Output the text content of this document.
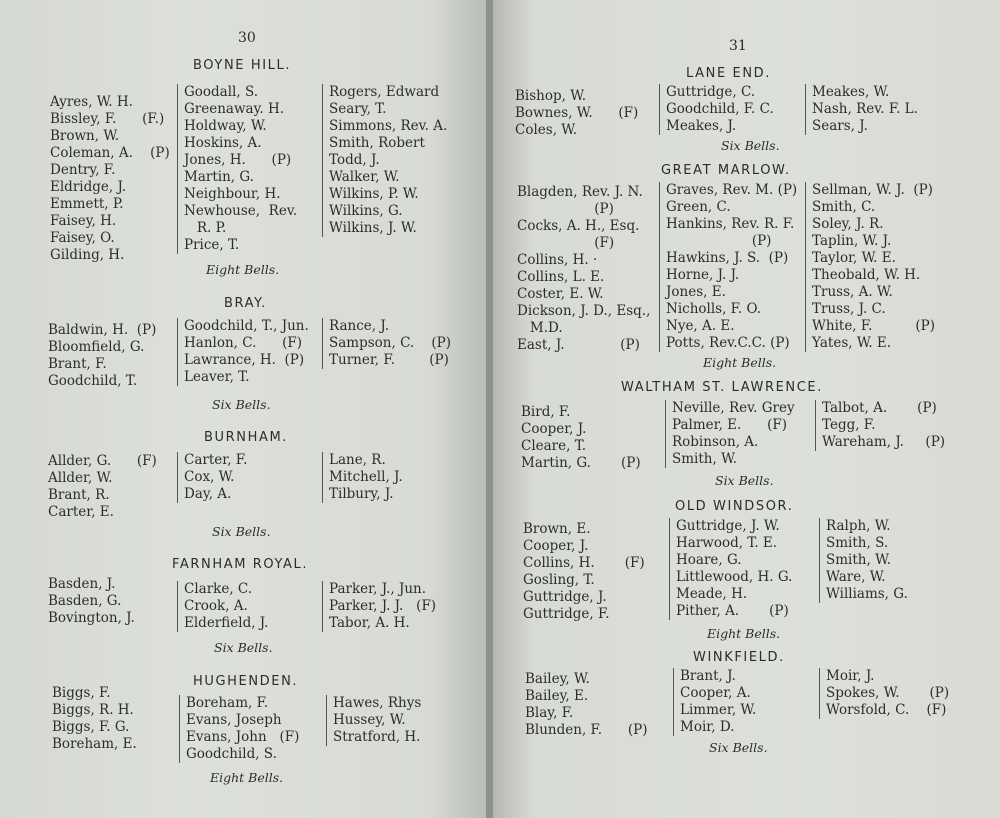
30
BOYNE HILL.
Ayres, W. H.
Bissley, F.      (F.)
Brown, W.
Coleman, A.    (P)
Dentry, F.
Eldridge, J.
Emmett, P.
Faisey, H.
Faisey, O.
Gilding, H.
Goodall, S.
Greenaway. H.
Holdway, W.
Hoskins, A.
Jones, H.      (P)
Martin, G.
Neighbour, H.
Newhouse,  Rev.
R. P.
Price, T.
Rogers, Edward
Seary, T.
Simmons, Rev. A.
Smith, Robert
Todd, J.
Walker, W.
Wilkins, P. W.
Wilkins, G.
Wilkins, J. W.
Eight Bells.
BRAY.
Baldwin, H.  (P)
Bloomfield, G.
Brant, F.
Goodchild, T.
Goodchild, T., Jun.
Hanlon, C.      (F)
Lawrance, H.  (P)
Leaver, T.
Rance, J.
Sampson, C.    (P)
Turner, F.        (P)
Six Bells.
BURNHAM.
Allder, G.      (F)
Allder, W.
Brant, R.
Carter, E.
Carter, F.
Cox, W.
Day, A.
Lane, R.
Mitchell, J.
Tilbury, J.
Six Bells.
FARNHAM ROYAL.
Basden, J.
Basden, G.
Bovington, J.
Clarke, C.
Crook, A.
Elderfield, J.
Parker, J., Jun.
Parker, J. J.   (F)
Tabor, A. H.
Six Bells.
HUGHENDEN.
Biggs, F.
Biggs, R. H.
Biggs, F. G.
Boreham, E.
Boreham, F.
Evans, Joseph
Evans, John   (F)
Goodchild, S.
Hawes, Rhys
Hussey, W.
Stratford, H.
Eight Bells.
31
LANE END.
Bishop, W.
Bownes, W.      (F)
Coles, W.
Guttridge, C.
Goodchild, F. C.
Meakes, J.
Meakes, W.
Nash, Rev. F. L.
Sears, J.
Six Bells.
GREAT MARLOW.
Blagden, Rev. J. N.
(P)
Cocks, A. H., Esq.
(F)
Collins, H. ·
Collins, L. E.
Coster, E. W.
Dickson, J. D., Esq.,
M.D.
East, J.             (P)
Graves, Rev. M. (P)
Green, C.
Hankins, Rev. R. F.
(P)
Hawkins, J. S.  (P)
Horne, J. J.
Jones, E.
Nicholls, F. O.
Nye, A. E.
Potts, Rev.C.C. (P)
Sellman, W. J.  (P)
Smith, C.
Soley, J. R.
Taplin, W. J.
Taylor, W. E.
Theobald, W. H.
Truss, A. W.
Truss, J. C.
White, F.          (P)
Yates, W. E.
Eight Bells.
WALTHAM ST. LAWRENCE.
Bird, F.
Cooper, J.
Cleare, T.
Martin, G.       (P)
Neville, Rev. Grey
Palmer, E.      (F)
Robinson, A.
Smith, W.
Talbot, A.       (P)
Tegg, F.
Wareham, J.     (P)
Six Bells.
OLD WINDSOR.
Brown, E.
Cooper, J.
Collins, H.       (F)
Gosling, T.
Guttridge, J.
Guttridge, F.
Guttridge, J. W.
Harwood, T. E.
Hoare, G.
Littlewood, H. G.
Meade, H.
Pither, A.       (P)
Ralph, W.
Smith, S.
Smith, W.
Ware, W.
Williams, G.
Eight Bells.
WINKFIELD.
Bailey, W.
Bailey, E.
Blay, F.
Blunden, F.      (P)
Brant, J.
Cooper, A.
Limmer, W.
Moir, D.
Moir, J.
Spokes, W.       (P)
Worsfold, C.    (F)
Six Bells.
